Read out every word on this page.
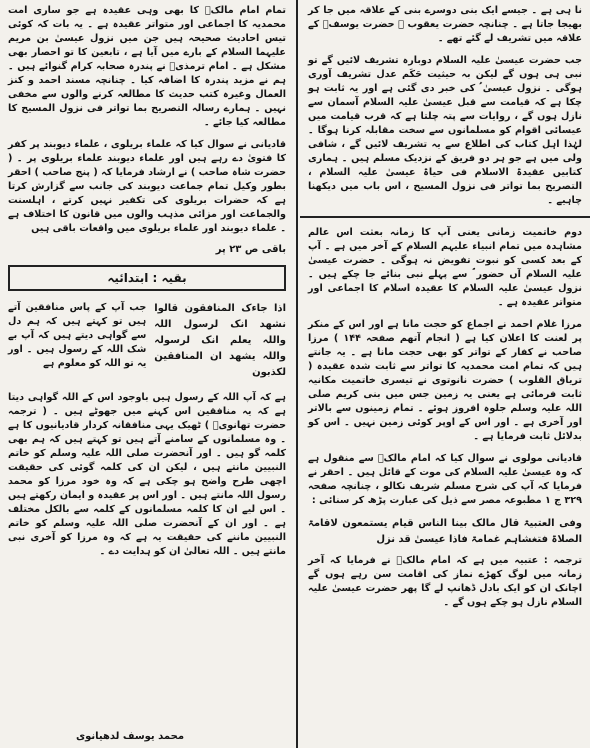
نا ہی ہے ۔ جیسے ایک بنی دوسرے بنی کے علاقہ میں جا کر بھیجا جاتا ہے ۔ چنانچہ حضرت یعقوب ؑ حضرت یوسفؑ کے علاقہ میں تشریف لے گئے تھے ۔

جب حضرت عیسیٰ علیہ السلام دوبارہ تشریف لائیں گے تو نبی ہی ہوں گے لیکن بہ حیثیت حَکَم عدل تشریف آوری ہوگی ۔ نزول عیسیٰ ؑ کی خبر دی گئی ہے اور یہ ثابت ہو چکا ہے کہ قیامت سے قبل عیسیٰ علیہ السلام آسمان سے نازل ہوں گے ، روایات سے پتہ چلتا ہے کہ قرب قیامت میں عیسائی اقوام کو مسلمانوں سے سخت مقابلہ کرنا ہوگا ۔ لہٰذا اہل کتاب کی اطلاع سے یہ تشریف لائیں گے ، شافی ولی میں ہے جو ہر دو فریق کے نزدیک مسلم ہیں ۔ ہماری کتابیں عقیدۃ الاسلام فی حیاۃ عیسیٰ علیہ السلام ، التصریح بما تواتر فی نزول المسیح ، اس باب میں دیکھنا چاہیے ۔

دوم خاتمیت زمانی یعنی آپ کا زمانہ بعثت اس عالم مشاہدہ میں تمام انبیاء علیہم السلام کے آخر میں ہے ۔ آپ کے بعد کسی کو نبوت تفویض نہ ہوگی ۔ حضرت عیسیٰ علیہ السلام آں حضور ؐ سے پہلے نبی بنائے جا چکے ہیں ۔ نزول عیسیٰ علیہ السلام کا عقیدہ اسلام کا اجماعی اور متواتر عقیدہ ہے ۔

مرزا غلام احمد نے اجماع کو حجت مانا ہے اور اس کے منکر پر لعنت کا اعلان کیا ہے ( انجام آتھم صفحہ ۱۴۴ ) مرزا صاحب نے کفار کے تواتر کو بھی حجت مانا ہے ۔ یہ جانتے ہیں کہ تمام امت محمدیہ کا تواتر سے ثابت شدہ عقیدہ ( تریاق القلوب ) حضرت نانوتوی نے تیسری خاتمیت مکانیہ ثابت فرمائی ہے یعنی یہ زمین جس میں بنی کریم صلی اللہ علیہ وسلم جلوہ افروز ہوئے ۔ تمام زمینوں سے بالاتر اور آخری ہے ۔ اور اس کے اوپر کوئی زمین نہیں ۔ اس کو بدلائل ثابت فرمایا ہے ۔

قادیانی مولوی نے سوال کیا کہ امام مالکؒ سے منقول ہے کہ وہ عیسیٰ علیہ السلام کی موت کے قائل ہیں ۔ احقر نے فرمایا کہ آپ کی شرح مسلم شریف نکالو ، چنانچہ صفحہ ۳۲۹ ج ۱ مطبوعہ مصر سے ذیل کی عبارت پڑھ کر سنائی :

وفی العتبیۃ قال مالک بینا الناس قیام یستمعون لاقامۃ الصلاۃ فتغشاہم غمامۃ فاذا عیسیٰ قد نزل

ترجمہ : عتبیہ میں ہے کہ امام مالکؒ نے فرمایا کہ آخر زمانہ میں لوگ کھڑے نماز کی اقامت سن رہے ہوں گے اچانک ان کو ایک بادل ڈھانپ لے گا پھر حضرت عیسیٰ علیہ السلام نازل ہو چکے ہوں گے ۔

تمام امام مالکؒ کا بھی وہی عقیدہ ہے جو ساری امت محمدیہ کا اجماعی اور متواتر عقیدہ ہے ۔ یہ بات کہ کوئی تیس احادیث صحیحہ ہیں جن میں نزول عیسیٰ بن مریم علیہما السلام کے بارے میں آیا ہے ، تابعین کا تو احصار بھی مشکل ہے ۔ امام ترمذیؒ نے پندرہ صحابہ کرام گنوائے ہیں ۔ ہم نے مزید پندرہ کا اضافہ کیا ۔ چنانچہ مسند احمد و کنز العمال وغیرہ کتب حدیث کا مطالعہ کرنے والوں سے مخفی نہیں ۔ ہمارے رسالہ التصریح بما تواتر فی نزول المسیح کا مطالعہ کیا جائے ۔

قادیانی نے سوال کیا کہ علماء بریلوی ، علماء دیوبند پر کفر کا فتویٰ دے رہے ہیں اور علماء دیوبند علماء بریلوی پر ۔ ( حضرت شاہ صاحب ) نے ارشاد فرمایا کہ ( پنج صاحب ) احقر بطور وکیل تمام جماعت دیوبند کی جانب سے گزارش کرتا ہے کہ حضرات بریلوی کی تکفیر نہیں کرتے ، اہلسنت والجماعت اور مزائی مذہب والوں میں قانون کا اختلاف ہے ۔ علماء دیوبند اور علماء بریلوی میں واقعات باقی ہیں

باقی ص ۲۳ پر

بقیہ : ابتدائیہ
اذا جاءک المنافقون قالوا نشھد انک لرسول اللہ واللہ یعلم انک لرسولہ واللہ یشھد ان المنافقین لکذبون
جب آپ کے پاس منافقین آتے ہیں تو کہتے ہیں کہ ہم دل سے گواہی دیتے ہیں کہ آپ بے شک اللہ کے رسول ہیں ۔ اور یہ تو اللہ کو معلوم ہے

ہے کہ آپ اللہ کے رسول ہیں باوجود اس کے اللہ گواہی دیتا ہے کہ یہ منافقین اس کہنے میں جھوٹے ہیں ۔ ( ترجمہ حضرت تھانویؒ ) ٹھیک یہی منافقانہ کردار قادیانیوں کا ہے ۔ وہ مسلمانوں کے سامنے آتے ہیں تو کہتے ہیں کہ ہم بھی کلمہ گو ہیں ۔ اور آنحضرت صلی اللہ علیہ وسلم کو خاتم النبیین مانتے ہیں ، لیکن ان کی کلمہ گوئی کی حقیقت اچھی طرح واضح ہو چکی ہے کہ وہ خود مرزا کو محمد رسول اللہ مانتے ہیں ۔ اور اس پر عقیدہ و ایمان رکھتے ہیں ۔ اس لیے ان کا کلمہ مسلمانوں کے کلمہ سے بالکل مختلف ہے ۔ اور ان کے آنحضرت صلی اللہ علیہ وسلم کو خاتم النبیین ماننے کی حقیقت یہ ہے کہ وہ مرزا کو آخری نبی مانتے ہیں ۔ اللہ تعالیٰ ان کو ہدایت دے ۔

محمد یوسف لدھیانوی
